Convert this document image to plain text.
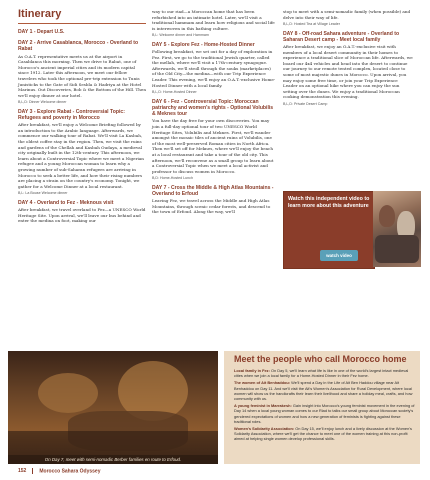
Itinerary
DAY 1 - Depart U.S.
DAY 2 - Arrive Casablanca, Morocco - Overland to Rabat

As O.A.T. representative meets us at the airport in Casablanca this morning. Then we drive to Rabat, one of Morocco's ancient imperial cities and its modern capital since 1912. Later this afternoon, we meet our fellow travelers who took the optional pre-trip extension to Tunis Junisticks to the Gate of Sidi Sesbla & Hadriya at the Hotel Marinus. Out Discoveries, Bob & the Bottom of the Hill. Then we'll enjoy dinner at our hotel.

B,L,D: Dinner Welcome dinner
DAY 3 - Explore Rabat - Controversial Topic: Refugees and poverty in Morocco

After breakfast, we'll enjoy a Welcome Briefing followed by an introduction to the Arabic language. Afterwards, we commence our walking tour of Rabat. We'll visit La Kasbah, the oldest coffee stay in the region. Then, we visit the ruins and gardens of the Chellah and Kasbah Oudaya, a medieval city originally built in the 12th-century. This afternoon, we learn about a Controversial Topic where we meet a Nigerian refugee and a young Moroccan woman to learn why a growing number of sub-Saharan refugees are arriving in Morocco to seek a better life, and how their rising numbers are placing a strain on the country's economy. Tonight, we gather for a Welcome Dinner at a local restaurant.

B,L: La Bouse Welcome dinner
DAY 4 - Overland to Fez - Meknous visit

After breakfast, we travel overland to Fez—a UNESCO World Heritage Site. Upon arrival, we'll leave our bus behind and enter the medina on foot, making our

way to our riad—a Moroccan home that has been refurbished into an intimate hotel. Later, we'll visit a traditional hammam and learn how religious and social life is interwoven in this bathing culture.

B,L: Welcome dinner and Hammam
DAY 5 - Explore Fez - Home-Hosted Dinner

Following breakfast, we set out for a day of exploration in Fez. First, we go to the traditional Jewish quarter, called the mellah, where we'll visit a 17th-century synagogue. Afterwards, we'll stroll through the souks (marketplaces) of the Old City—the medina—with our Trip Experience Leader. This evening, we'll enjoy an O.A.T.-exclusive Home-Hosted Dinner with a local family.

B,L,D: Home-Hosted Dinner
DAY 6 - Fez - Controversial Topic: Moroccan patriarchy and women's rights - Optional Volubilis & Meknes tour

You have the day free for your own discoveries. You may join a full-day optional tour of two UNESCO World Heritage Sites, Volubilis and Meknes. First, we'll wander amongst the mosaic tiles of ancient ruins of Volubilis, one of the most well-preserved Roman cities in North Africa. Then we'll set off for Meknes, where we'll enjoy the beach at a local restaurant and take a tour of the old city. This afternoon, we'll reconvene as a small group to learn about a Controversial Topic when we meet a local activist and professor to discuss women in Morocco.

B,D: Home-Hosted Lunch
DAY 7 - Cross the Middle & High Atlas Mountains - Overland to Erfoud

Leaving Fez, we travel across the Middle and High Atlas Mountains, through scenic cedar forests, and descend to the town of Erfoud. Along the way, we'll

stop to meet with a semi-nomadic family (when possible) and delve into their way of life.

B,L,D: Hosted Tea at Village Leader
DAY 8 - Off-road Sahara adventure - Overland to Saharan Desert camp - Meet local family

After breakfast, we enjoy an O.A.T.-exclusive visit with members of a local desert community in their homes to experience a traditional slice of Moroccan life. Afterwards, we board our 4x4 vehicles and head into the desert to continue our journey to our remote tented complex, located close to some of most majestic dunes in Morocco. Upon arrival, you may enjoy some free time, or join your Trip Experience Leader on an optional hike where you can enjoy the sun setting over the dunes. We enjoy a traditional Moroccan cooking demonstration this evening.

B,L,D: Private Desert Camp
Watch this independent video to learn more about this adventure
watch video
On Day 7, meet with semi-nomadic Berber families en route to Erfoud.
Meet the people who call Morocco home

Local family in Fez: On Day 5, we'll learn what life is like in one of the world's largest intact medieval cities when we join a local family for a Home-Hosted Dinner in their Fez home.

The women of Ait Benhaddou: We'll spend a Day in the Life of Ait Ben Haddou village near Ait Benhaddou on Day 11. And we'll visit the Ait's Women's Association for Rural Development, where local women will show us the handicrafts their learn their livelihood and share a holiday meal, crafts, and how community with us.

A young feminist in Marrakesh: Gain insight into Morocco's young feminist movement in the evening of Day 14 when a local young woman comes to our Riad to talks our small group about Moroccan society's gendered expectations of women and how a new generation of feminists is fighting against these traditional roles.

Women's Solidarity Association: On Day 15, we'll enjoy lunch and a lively discussion at the Women's Solidarity Association, where we'll get the chance to meet one of the women training at this non-profit aimed at helping single women develop professional skills.

152	Morocco Sahara Odyssey
